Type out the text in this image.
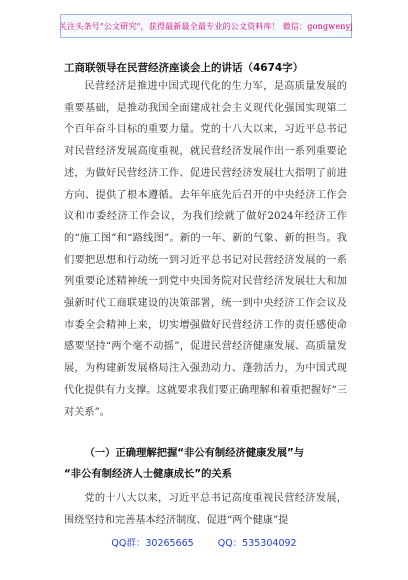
关注头条号"公文研究"，获得最新最全最专业的公文资料库！ 微信：gongwenyj
工商联领导在民营经济座谈会上的讲话（4674字）

民营经济是推进中国式现代化的生力军，是高质量发展的重要基础，是推动我国全面建成社会主义现代化强国实现第二个百年奋斗目标的重要力量。党的十八大以来，习近平总书记对民营经济发展高度重视，就民营经济发展作出一系列重要论述，为做好民营经济工作、促进民营经济发展壮大指明了前进方向、提供了根本遵循。去年年底先后召开的中央经济工作会议和市委经济工作会议，为我们绘就了做好2024年经济工作的“施工图”和“路线图”。新的一年、新的气象、新的担当。我们要把思想和行动统一到习近平总书记对民营经济发展的一系列重要论述精神统一到党中央国务院对民营经济发展壮大和加强新时代工商联建设的决策部署，统一到中央经济工作会议及市委全会精神上来，切实增强做好民营经济工作的责任感使命感要坚持“两个毫不动摇”，促进民营经济健康发展、高质量发展，为构建新发展格局注入强劲动力、蓬勃活力，为中国式现代化提供有力支撑。这就要求我们要正确理解和着重把握好“三对关系”。

（一）正确理解把握“非公有制经济健康发展”与
“非公有制经济人士健康成长”的关系

党的十八大以来，习近平总书记高度重视民营经济发展，围绕坚持和完善基本经济制度、促进“两个健康”提

QQ群：30265665	QQ：535304092
